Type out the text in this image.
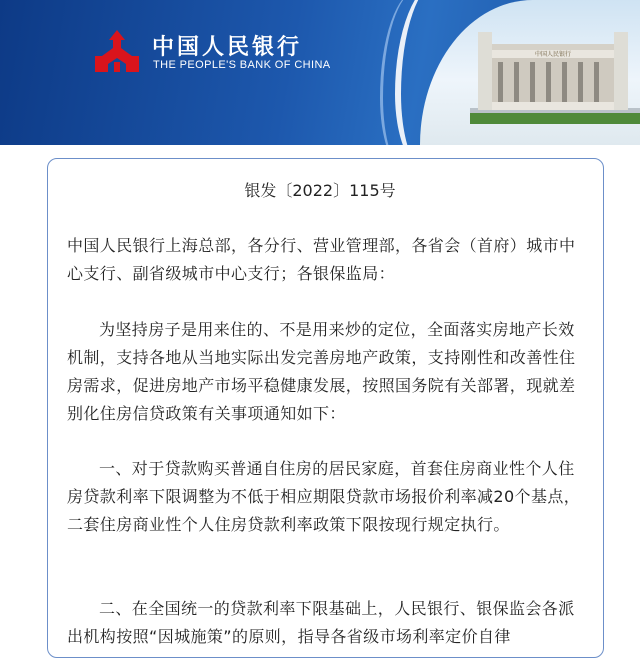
中国人民银行
中国人民银行
THE PEOPLE'S BANK OF CHINA
银发〔2022〕115号

中国人民银行上海总部，各分行、营业管理部，各省会（首府）城市中心支行、副省级城市中心支行；各银保监局：

为坚持房子是用来住的、不是用来炒的定位，全面落实房地产长效机制，支持各地从当地实际出发完善房地产政策，支持刚性和改善性住房需求，促进房地产市场平稳健康发展，按照国务院有关部署，现就差别化住房信贷政策有关事项通知如下：

一、对于贷款购买普通自住房的居民家庭，首套住房商业性个人住房贷款利率下限调整为不低于相应期限贷款市场报价利率减20个基点，二套住房商业性个人住房贷款利率政策下限按现行规定执行。

二、在全国统一的贷款利率下限基础上，人民银行、银保监会各派出机构按照“因城施策”的原则，指导各省级市场利率定价自律
